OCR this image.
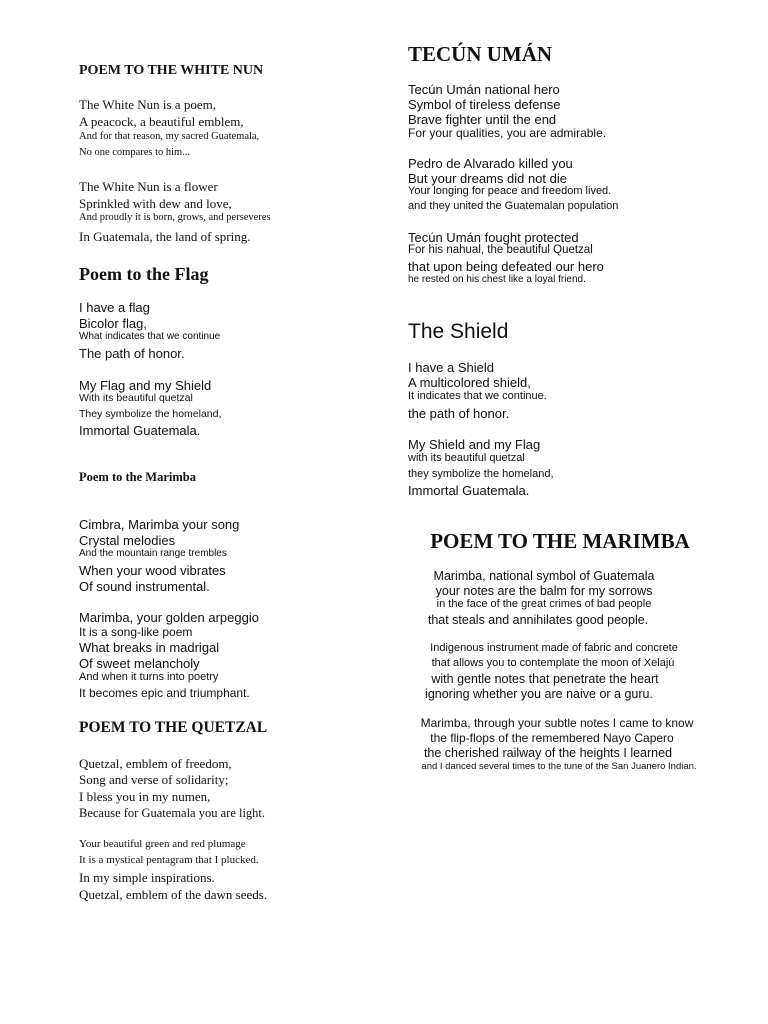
POEM TO THE WHITE NUN
The White Nun is a poem,
A peacock, a beautiful emblem,
And for that reason, my sacred Guatemala,
No one compares to him...
The White Nun is a flower
Sprinkled with dew and love,
And proudly it is born, grows, and perseveres
In Guatemala, the land of spring.
Poem to the Flag
I have a flag
Bicolor flag,
What indicates that we continue
The path of honor.
My Flag and my Shield
With its beautiful quetzal
They symbolize the homeland,
Immortal Guatemala.
Poem to the Marimba
Cimbra, Marimba your song
Crystal melodies
And the mountain range trembles
When your wood vibrates
Of sound instrumental.
Marimba, your golden arpeggio
It is a song-like poem
What breaks in madrigal
Of sweet melancholy
And when it turns into poetry
It becomes epic and triumphant.
POEM TO THE QUETZAL
Quetzal, emblem of freedom,
Song and verse of solidarity;
I bless you in my numen,
Because for Guatemala you are light.
Your beautiful green and red plumage
It is a mystical pentagram that I plucked.
In my simple inspirations.
Quetzal, emblem of the dawn seeds.
TECÚN UMÁN
Tecún Umán national hero
Symbol of tireless defense
Brave fighter until the end
For your qualities, you are admirable.
Pedro de Alvarado killed you
But your dreams did not die
Your longing for peace and freedom lived.
and they united the Guatemalan population
Tecún Umán fought protected
For his nahual, the beautiful Quetzal
that upon being defeated our hero
he rested on his chest like a loyal friend.
The Shield
I have a Shield
A multicolored shield,
It indicates that we continue.
the path of honor.
My Shield and my Flag
with its beautiful quetzal
they symbolize the homeland,
Immortal Guatemala.
POEM TO THE MARIMBA
Marimba, national symbol of Guatemala
your notes are the balm for my sorrows
in the face of the great crimes of bad people
that steals and annihilates good people.
Indigenous instrument made of fabric and concrete
that allows you to contemplate the moon of Xelajú
with gentle notes that penetrate the heart
ignoring whether you are naive or a guru.
Marimba, through your subtle notes I came to know
the flip-flops of the remembered Nayo Capero
the cherished railway of the heights I learned
and I danced several times to the tune of the San Juanero Indian.
